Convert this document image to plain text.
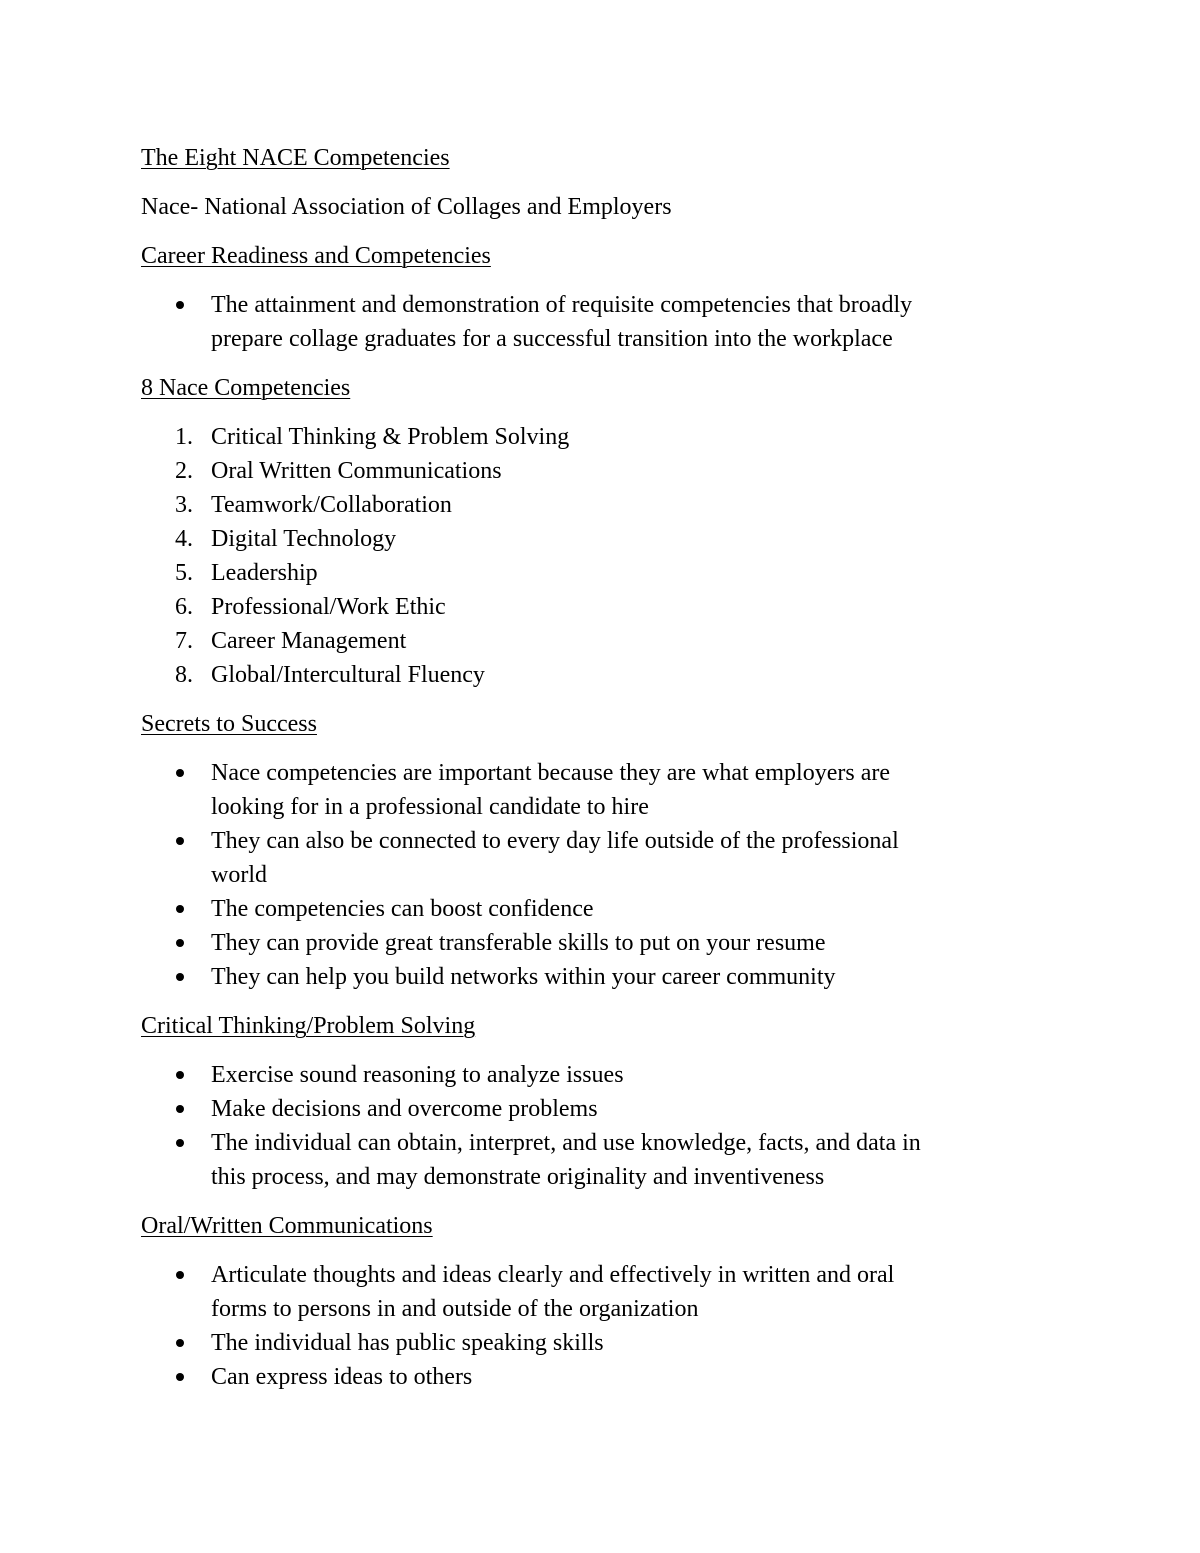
The Eight NACE Competencies

Nace- National Association of Collages and Employers

Career Readiness and Competencies

The attainment and demonstration of requisite competencies that broadly
prepare collage graduates for a successful transition into the workplace

8 Nace Competencies

1. Critical Thinking & Problem Solving
2. Oral Written Communications
3. Teamwork/Collaboration
4. Digital Technology
5. Leadership
6. Professional/Work Ethic
7. Career Management
8. Global/Intercultural Fluency

Secrets to Success

Nace competencies are important because they are what employers are
looking for in a professional candidate to hire
They can also be connected to every day life outside of the professional
world
The competencies can boost confidence
They can provide great transferable skills to put on your resume
They can help you build networks within your career community

Critical Thinking/Problem Solving

Exercise sound reasoning to analyze issues
Make decisions and overcome problems
The individual can obtain, interpret, and use knowledge, facts, and data in
this process, and may demonstrate originality and inventiveness

Oral/Written Communications

Articulate thoughts and ideas clearly and effectively in written and oral
forms to persons in and outside of the organization
The individual has public speaking skills
Can express ideas to others
